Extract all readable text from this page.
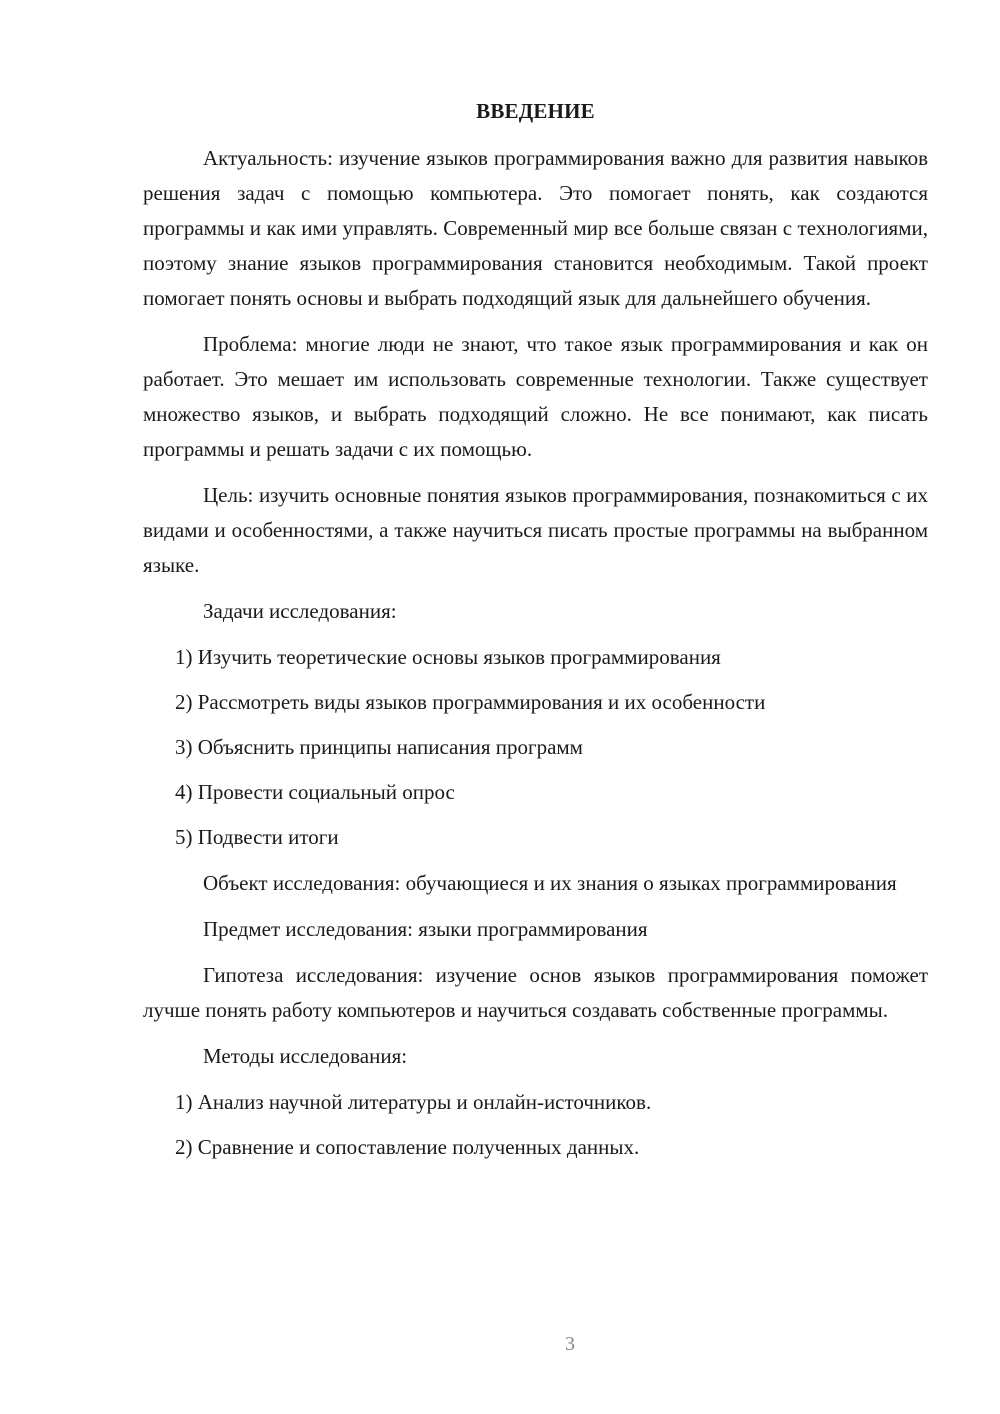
ВВЕДЕНИЕ

Актуальность: изучение языков программирования важно для развития навыков решения задач с помощью компьютера. Это помогает понять, как создаются программы и как ими управлять. Современный мир все больше связан с технологиями, поэтому знание языков программирования становится необходимым. Такой проект помогает понять основы и выбрать подходящий язык для дальнейшего обучения.

Проблема: многие люди не знают, что такое язык программирования и как он работает. Это мешает им использовать современные технологии. Также существует множество языков, и выбрать подходящий сложно. Не все понимают, как писать программы и решать задачи с их помощью.

Цель: изучить основные понятия языков программирования, познакомиться с их видами и особенностями, а также научиться писать простые программы на выбранном языке.

Задачи исследования:

1) Изучить теоретические основы языков программирования
2) Рассмотреть виды языков программирования и их особенности
3) Объяснить принципы написания программ
4) Провести социальный опрос
5) Подвести итоги

Объект исследования: обучающиеся и их знания о языках программирования

Предмет исследования: языки программирования

Гипотеза исследования: изучение основ языков программирования поможет лучше понять работу компьютеров и научиться создавать собственные программы.

Методы исследования:

1) Анализ научной литературы и онлайн-источников.
2) Сравнение и сопоставление полученных данных.
3
